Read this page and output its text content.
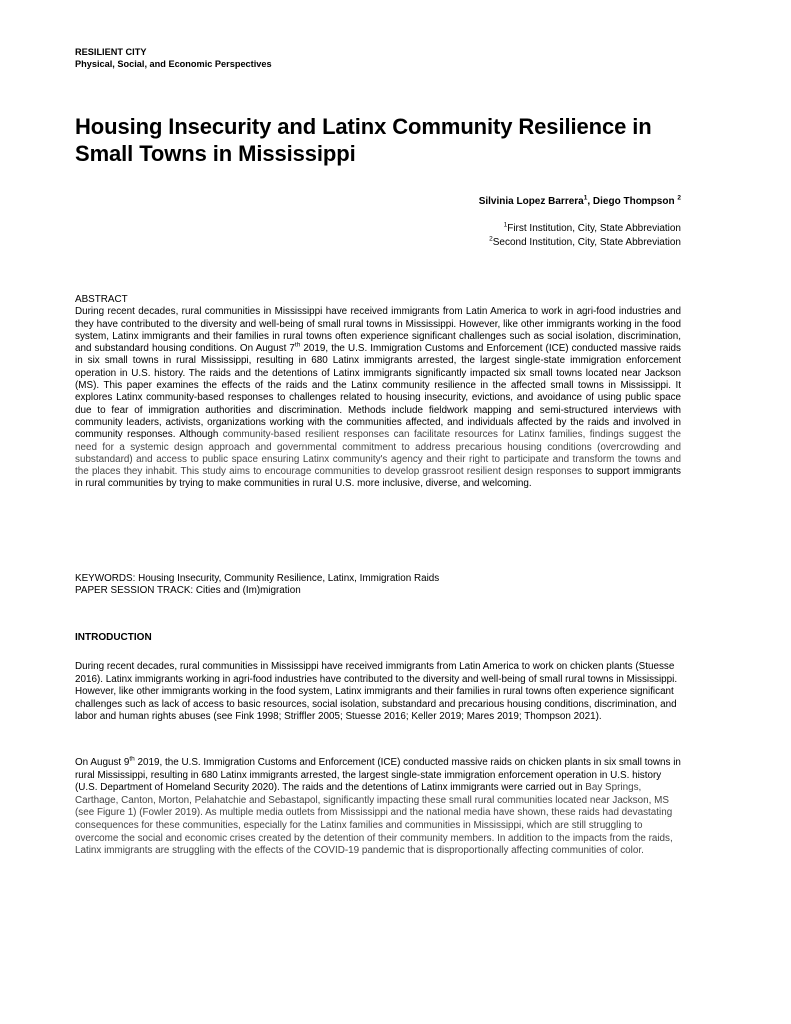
RESILIENT CITY
Physical, Social, and Economic Perspectives
Housing Insecurity and Latinx Community Resilience in Small Towns in Mississippi
Silvinia Lopez Barrera$^1$, Diego Thompson $^2$
$^1$First Institution, City, State Abbreviation
$^2$Second Institution, City, State Abbreviation
ABSTRACT
During recent decades, rural communities in Mississippi have received immigrants from Latin America to work in agri-food industries and they have contributed to the diversity and well-being of small rural towns in Mississippi. However, like other immigrants working in the food system, Latinx immigrants and their families in rural towns often experience significant challenges such as social isolation, discrimination, and substandard housing conditions. On August 7th 2019, the U.S. Immigration Customs and Enforcement (ICE) conducted massive raids in six small towns in rural Mississippi, resulting in 680 Latinx immigrants arrested, the largest single-state immigration enforcement operation in U.S. history. The raids and the detentions of Latinx immigrants significantly impacted six small towns located near Jackson (MS). This paper examines the effects of the raids and the Latinx community resilience in the affected small towns in Mississippi. It explores Latinx community-based responses to challenges related to housing insecurity, evictions, and avoidance of using public space due to fear of immigration authorities and discrimination. Methods include fieldwork mapping and semi-structured interviews with community leaders, activists, organizations working with the communities affected, and individuals affected by the raids and involved in community responses. Although community-based resilient responses can facilitate resources for Latinx families, findings suggest the need for a systemic design approach and governmental commitment to address precarious housing conditions (overcrowding and substandard) and access to public space ensuring Latinx community's agency and their right to participate and transform the towns and the places they inhabit. This study aims to encourage communities to develop grassroot resilient design responses to support immigrants in rural communities by trying to make communities in rural U.S. more inclusive, diverse, and welcoming.
KEYWORDS: Housing Insecurity, Community Resilience, Latinx, Immigration Raids
PAPER SESSION TRACK: Cities and (Im)migration
INTRODUCTION
During recent decades, rural communities in Mississippi have received immigrants from Latin America to work on chicken plants (Stuesse 2016). Latinx immigrants working in agri-food industries have contributed to the diversity and well-being of small rural towns in Mississippi. However, like other immigrants working in the food system, Latinx immigrants and their families in rural towns often experience significant challenges such as lack of access to basic resources, social isolation, substandard and precarious housing conditions, discrimination, and labor and human rights abuses (see Fink 1998; Striffler 2005; Stuesse 2016; Keller 2019; Mares 2019; Thompson 2021).
On August 9th 2019, the U.S. Immigration Customs and Enforcement (ICE) conducted massive raids on chicken plants in six small towns in rural Mississippi, resulting in 680 Latinx immigrants arrested, the largest single-state immigration enforcement operation in U.S. history (U.S. Department of Homeland Security 2020). The raids and the detentions of Latinx immigrants were carried out in Bay Springs, Carthage, Canton, Morton, Pelahatchie and Sebastapol, significantly impacting these small rural communities located near Jackson, MS (see Figure 1) (Fowler 2019). As multiple media outlets from Mississippi and the national media have shown, these raids had devastating consequences for these communities, especially for the Latinx families and communities in Mississippi, which are still struggling to overcome the social and economic crises created by the detention of their community members. In addition to the impacts from the raids, Latinx immigrants are struggling with the effects of the COVID-19 pandemic that is disproportionally affecting communities of color.
